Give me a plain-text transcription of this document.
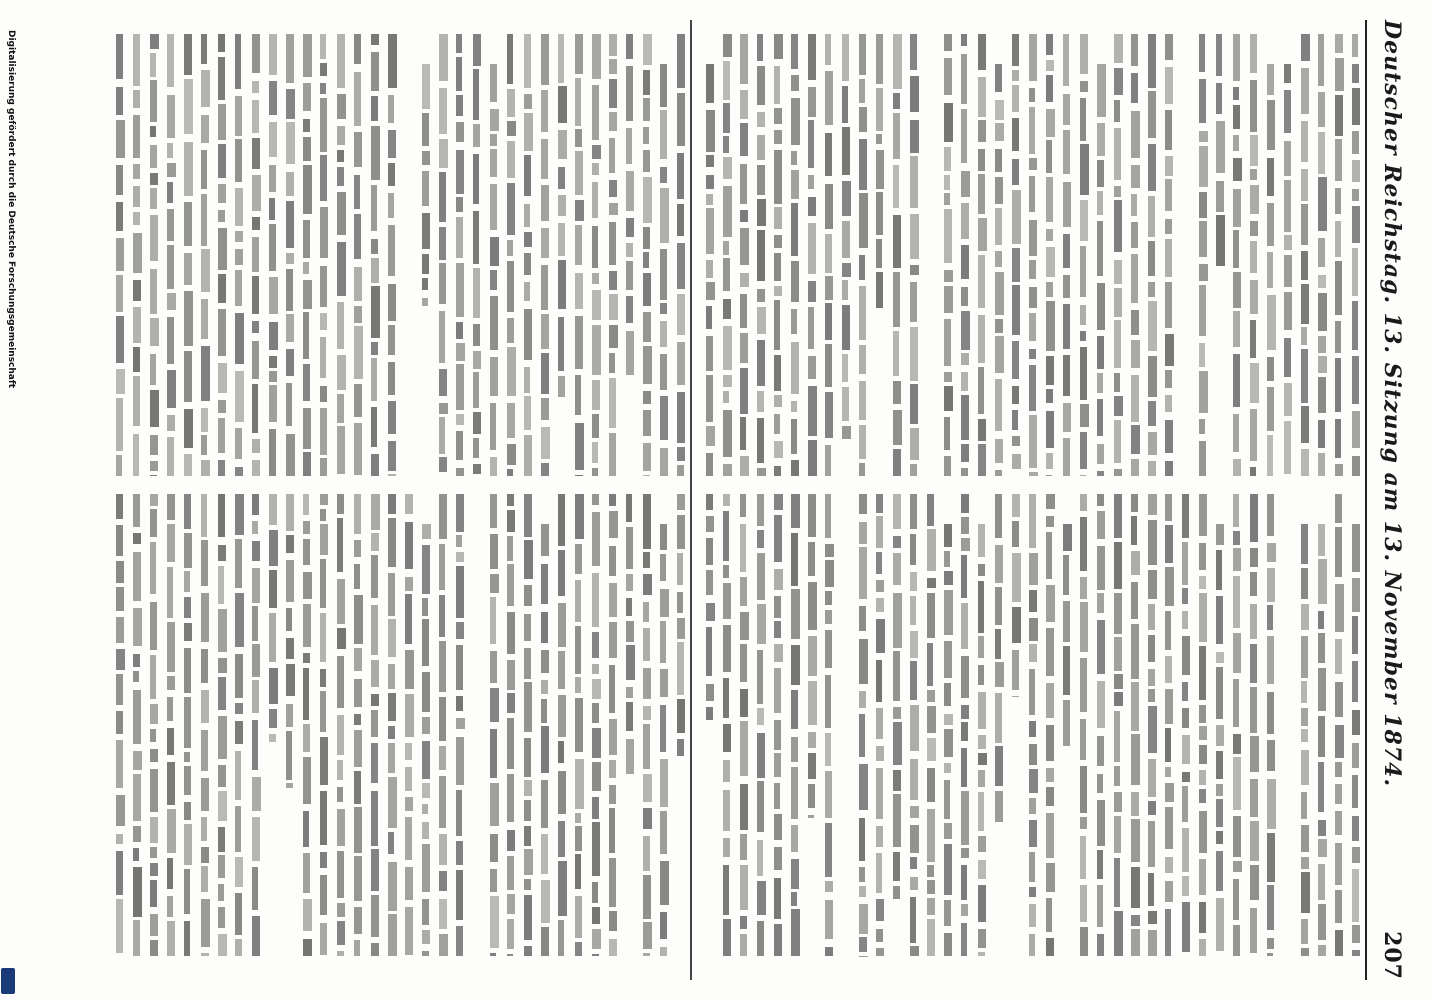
Deutscher Reichstag. 13. Sitzung am 13. November 1874.
207
Digitalisierung gefördert durch die Deutsche Forschungsgemeinschaft
